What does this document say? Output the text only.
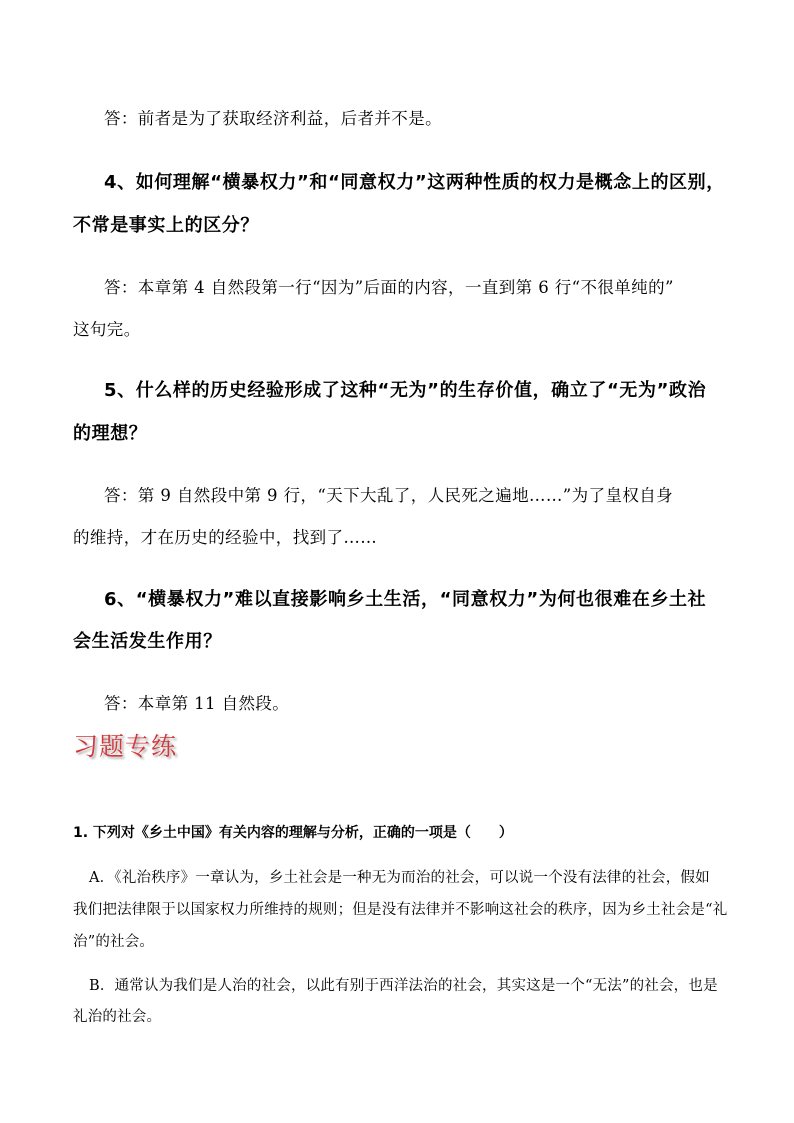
答：前者是为了获取经济利益，后者并不是。
4、如何理解“横暴权力”和“同意权力”这两种性质的权力是概念上的区别，
不常是事实上的区分？
答：本章第 4 自然段第一行“因为”后面的内容，一直到第 6 行“不很单纯的”
这句完。
5、什么样的历史经验形成了这种“无为”的生存价值，确立了“无为”政治
的理想？
答：第 9 自然段中第 9 行，“天下大乱了，人民死之遍地……”为了皇权自身
的维持，才在历史的经验中，找到了……
6、“横暴权力”难以直接影响乡土生活，“同意权力”为何也很难在乡土社
会生活发生作用？
答：本章第 11 自然段。
习题专练
1. 下列对《乡土中国》有关内容的理解与分析，正确的一项是（　　）
A．《礼治秩序》一章认为，乡土社会是一种无为而治的社会，可以说一个没有法律的社会，假如
我们把法律限于以国家权力所维持的规则；但是没有法律并不影响这社会的秩序，因为乡土社会是“礼
治”的社会。
B．通常认为我们是人治的社会，以此有别于西洋法治的社会，其实这是一个“无法”的社会，也是
礼治的社会。
